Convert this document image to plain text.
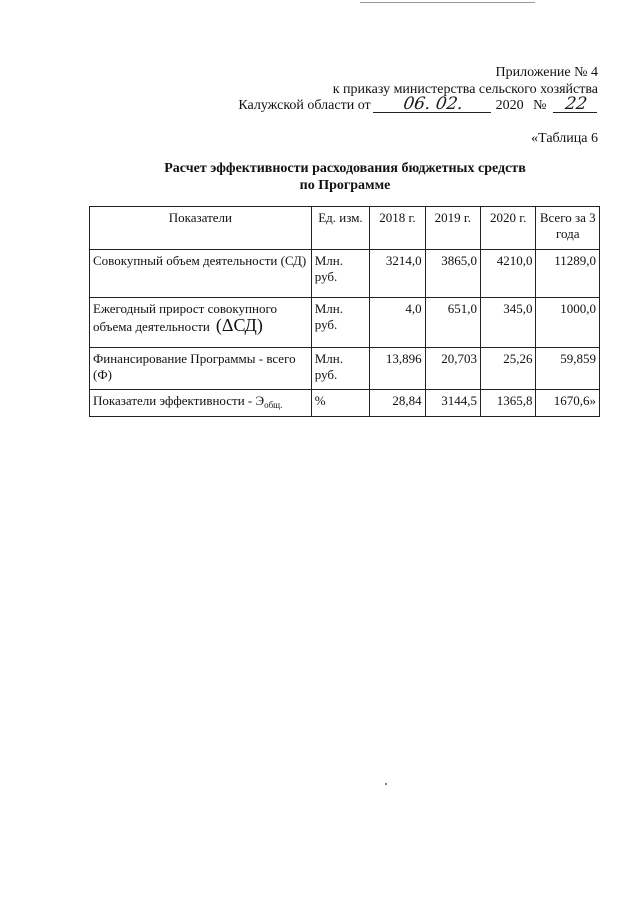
Приложение № 4
к приказу министерства сельского хозяйства
Калужской области от 06. 02. 2020 № 22
«Таблица 6
Расчет эффективности расходования бюджетных средств
по Программе
Показатели	Ед. изм.	2018 г.	2019 г.	2020 г.	Всего за 3 года
Совокупный объем деятельности (СД)	Млн. руб.	3214,0	3865,0	4210,0	11289,0
Ежегодный прирост совокупного объема деятельности (ΔСД)	Млн. руб.	4,0	651,0	345,0	1000,0
Финансирование Программы - всего (Ф)	Млн. руб.	13,896	20,703	25,26	59,859
Показатели эффективности - $Э_{общ.}$	%	28,84	3144,5	1365,8	1670,6»
